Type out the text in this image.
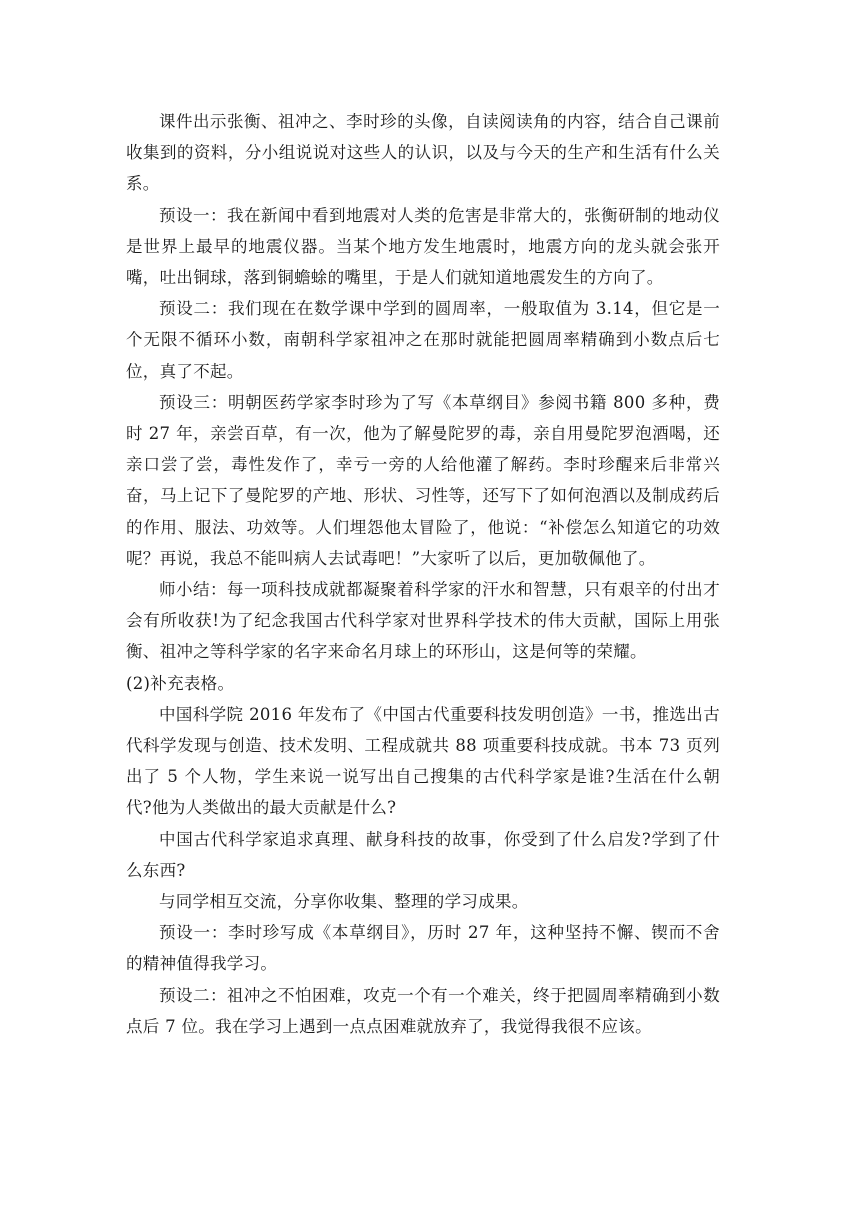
课件出示张衡、祖冲之、李时珍的头像，自读阅读角的内容，结合自己课前收集到的资料，分小组说说对这些人的认识，以及与今天的生产和生活有什么关系。

预设一：我在新闻中看到地震对人类的危害是非常大的，张衡研制的地动仪是世界上最早的地震仪器。当某个地方发生地震时，地震方向的龙头就会张开嘴，吐出铜球，落到铜蟾蜍的嘴里，于是人们就知道地震发生的方向了。

预设二：我们现在在数学课中学到的圆周率，一般取值为 3.14，但它是一个无限不循环小数，南朝科学家祖冲之在那时就能把圆周率精确到小数点后七位，真了不起。

预设三：明朝医药学家李时珍为了写《本草纲目》参阅书籍 800 多种，费时 27 年，亲尝百草，有一次，他为了解曼陀罗的毒，亲自用曼陀罗泡酒喝，还亲口尝了尝，毒性发作了，幸亏一旁的人给他灌了解药。李时珍醒来后非常兴奋，马上记下了曼陀罗的产地、形状、习性等，还写下了如何泡酒以及制成药后的作用、服法、功效等。人们埋怨他太冒险了，他说：“补偿怎么知道它的功效呢？再说，我总不能叫病人去试毒吧！”大家听了以后，更加敬佩他了。

师小结：每一项科技成就都凝聚着科学家的汗水和智慧，只有艰辛的付出才会有所收获!为了纪念我国古代科学家对世界科学技术的伟大贡献，国际上用张衡、祖冲之等科学家的名字来命名月球上的环形山，这是何等的荣耀。

(2)补充表格。

中国科学院 2016 年发布了《中国古代重要科技发明创造》一书，推选出古代科学发现与创造、技术发明、工程成就共 88 项重要科技成就。书本 73 页列出了 5 个人物，学生来说一说写出自己搜集的古代科学家是谁?生活在什么朝代?他为人类做出的最大贡献是什么?

中国古代科学家追求真理、献身科技的故事，你受到了什么启发?学到了什么东西?

与同学相互交流，分享你收集、整理的学习成果。

预设一：李时珍写成《本草纲目》，历时 27 年，这种坚持不懈、锲而不舍的精神值得我学习。

预设二：祖冲之不怕困难，攻克一个有一个难关，终于把圆周率精确到小数点后 7 位。我在学习上遇到一点点困难就放弃了，我觉得我很不应该。
